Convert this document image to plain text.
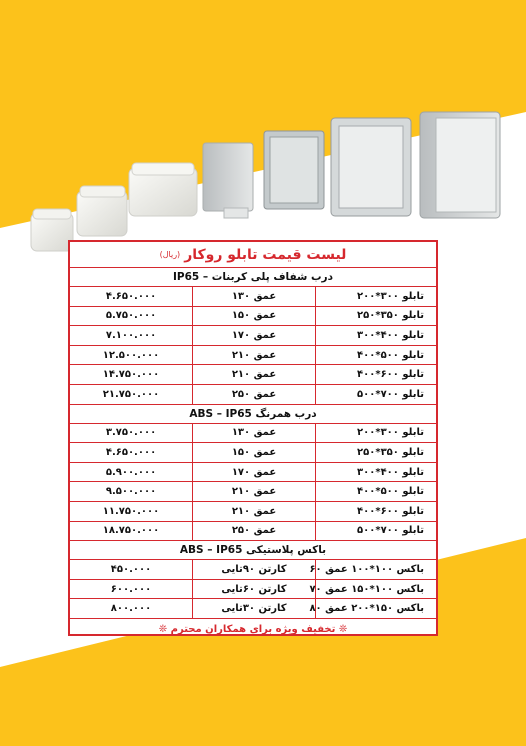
لیست قیمت تابلو روکار
(ریال)
درب شفاف پلی کربنات – IP65
۴.۶۵۰.۰۰۰	عمق ۱۳۰	تابلو ۳۰۰*۲۰۰
۵.۷۵۰.۰۰۰	عمق ۱۵۰	تابلو ۳۵۰*۲۵۰
۷.۱۰۰.۰۰۰	عمق ۱۷۰	تابلو ۴۰۰*۳۰۰
۱۲.۵۰۰.۰۰۰	عمق ۲۱۰	تابلو ۵۰۰*۴۰۰
۱۴.۷۵۰.۰۰۰	عمق ۲۱۰	تابلو ۶۰۰*۴۰۰
۲۱.۷۵۰.۰۰۰	عمق ۲۵۰	تابلو ۷۰۰*۵۰۰
درب همرنگ ABS – IP65
۳.۷۵۰.۰۰۰	عمق ۱۳۰	تابلو ۳۰۰*۲۰۰
۴.۶۵۰.۰۰۰	عمق ۱۵۰	تابلو ۳۵۰*۲۵۰
۵.۹۰۰.۰۰۰	عمق ۱۷۰	تابلو ۴۰۰*۳۰۰
۹.۵۰۰.۰۰۰	عمق ۲۱۰	تابلو ۵۰۰*۴۰۰
۱۱.۷۵۰.۰۰۰	عمق ۲۱۰	تابلو ۶۰۰*۴۰۰
۱۸.۷۵۰.۰۰۰	عمق ۲۵۰	تابلو ۷۰۰*۵۰۰
باکس پلاستیکی ABS – IP65
۴۵۰.۰۰۰	کارتن ۹۰تایی	باکس ۱۰۰*۱۰۰ عمق ۶۰
۶۰۰.۰۰۰	کارتن ۶۰تایی	باکس ۱۰۰*۱۵۰ عمق ۷۰
۸۰۰.۰۰۰	کارتن ۳۰تایی	باکس ۱۵۰*۲۰۰ عمق ۸۰
❊ تخفیف ویژه برای همکاران محترم ❊
